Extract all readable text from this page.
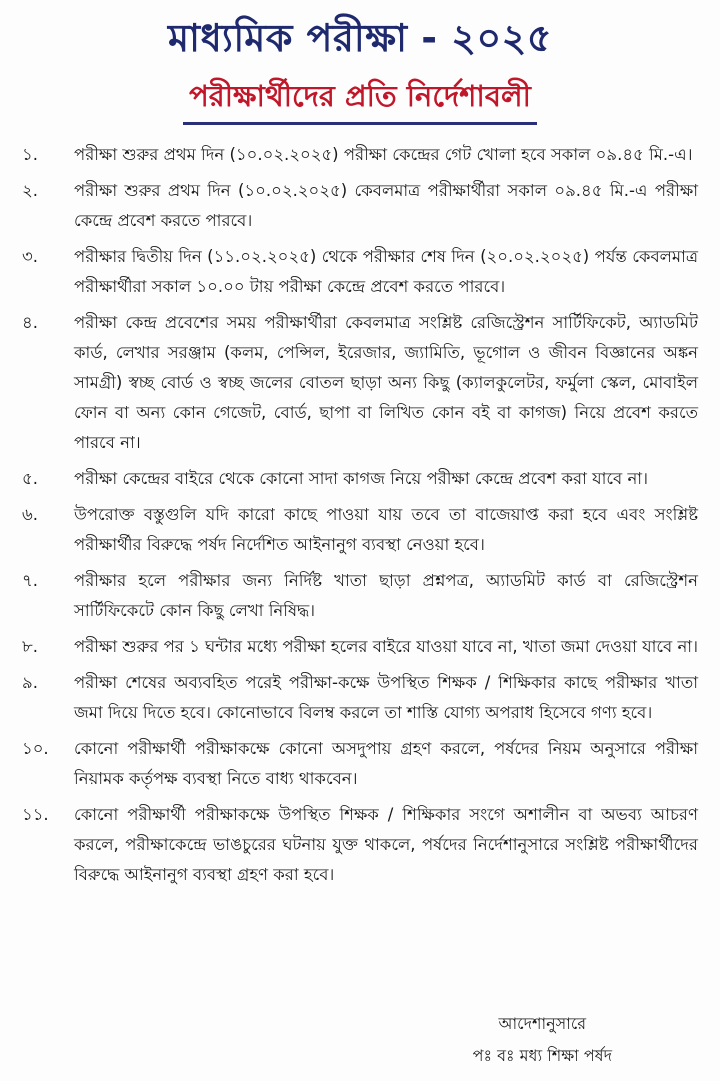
মাধ্যমিক পরীক্ষা - ২০২৫
পরীক্ষার্থীদের প্রতি নির্দেশাবলী
১.	পরীক্ষা শুরুর প্রথম দিন (১০.০২.২০২৫) পরীক্ষা কেন্দ্রের গেট খোলা হবে সকাল ০৯.৪৫ মি.-এ।
২.	পরীক্ষা শুরুর প্রথম দিন (১০.০২.২০২৫) কেবলমাত্র পরীক্ষার্থীরা সকাল ০৯.৪৫ মি.-এ পরীক্ষা কেন্দ্রে প্রবেশ করতে পারবে।
৩.	পরীক্ষার দ্বিতীয় দিন (১১.০২.২০২৫) থেকে পরীক্ষার শেষ দিন (২০.০২.২০২৫) পর্যন্ত কেবলমাত্র পরীক্ষার্থীরা সকাল ১০.০০ টায় পরীক্ষা কেন্দ্রে প্রবেশ করতে পারবে।
৪.	পরীক্ষা কেন্দ্র প্রবেশের সময় পরীক্ষার্থীরা কেবলমাত্র সংশ্লিষ্ট রেজিস্ট্রেশন সার্টিফিকেট, অ্যাডমিট কার্ড, লেখার সরঞ্জাম (কলম, পেন্সিল, ইরেজার, জ্যামিতি, ভূগোল ও জীবন বিজ্ঞানের অঙ্কন সামগ্রী) স্বচ্ছ বোর্ড ও স্বচ্ছ জলের বোতল ছাড়া অন্য কিছু (ক্যালকুলেটর, ফর্মুলা স্কেল, মোবাইল ফোন বা অন্য কোন গেজেট, বোর্ড, ছাপা বা লিখিত কোন বই বা কাগজ) নিয়ে প্রবেশ করতে পারবে না।
৫.	পরীক্ষা কেন্দ্রের বাইরে থেকে কোনো সাদা কাগজ নিয়ে পরীক্ষা কেন্দ্রে প্রবেশ করা যাবে না।
৬.	উপরোক্ত বস্তুগুলি যদি কারো কাছে পাওয়া যায় তবে তা বাজেয়াপ্ত করা হবে এবং সংশ্লিষ্ট পরীক্ষার্থীর বিরুদ্ধে পর্ষদ নির্দেশিত আইনানুগ ব্যবস্থা নেওয়া হবে।
৭.	পরীক্ষার হলে পরীক্ষার জন্য নির্দিষ্ট খাতা ছাড়া প্রশ্নপত্র, অ্যাডমিট কার্ড বা রেজিস্ট্রেশন সার্টিফিকেটে কোন কিছু লেখা নিষিদ্ধ।
৮.	পরীক্ষা শুরুর পর ১ ঘন্টার মধ্যে পরীক্ষা হলের বাইরে যাওয়া যাবে না, খাতা জমা দেওয়া যাবে না।
৯.	পরীক্ষা শেষের অব্যবহিত পরেই পরীক্ষা-কক্ষে উপস্থিত শিক্ষক / শিক্ষিকার কাছে পরীক্ষার খাতা জমা দিয়ে দিতে হবে। কোনোভাবে বিলম্ব করলে তা শাস্তি যোগ্য অপরাধ হিসেবে গণ্য হবে।
১০.	কোনো পরীক্ষার্থী পরীক্ষাকক্ষে কোনো অসদুপায় গ্রহণ করলে, পর্ষদের নিয়ম অনুসারে পরীক্ষা নিয়ামক কর্তৃপক্ষ ব্যবস্থা নিতে বাধ্য থাকবেন।
১১.	কোনো পরীক্ষার্থী পরীক্ষাকক্ষে উপস্থিত শিক্ষক / শিক্ষিকার সংগে অশালীন বা অভব্য আচরণ করলে, পরীক্ষাকেন্দ্রে ভাঙচুরের ঘটনায় যুক্ত থাকলে, পর্ষদের নির্দেশানুসারে সংশ্লিষ্ট পরীক্ষার্থীদের বিরুদ্ধে আইনানুগ ব্যবস্থা গ্রহণ করা হবে।
আদেশানুসারে
পঃ বঃ মধ্য শিক্ষা পর্ষদ
